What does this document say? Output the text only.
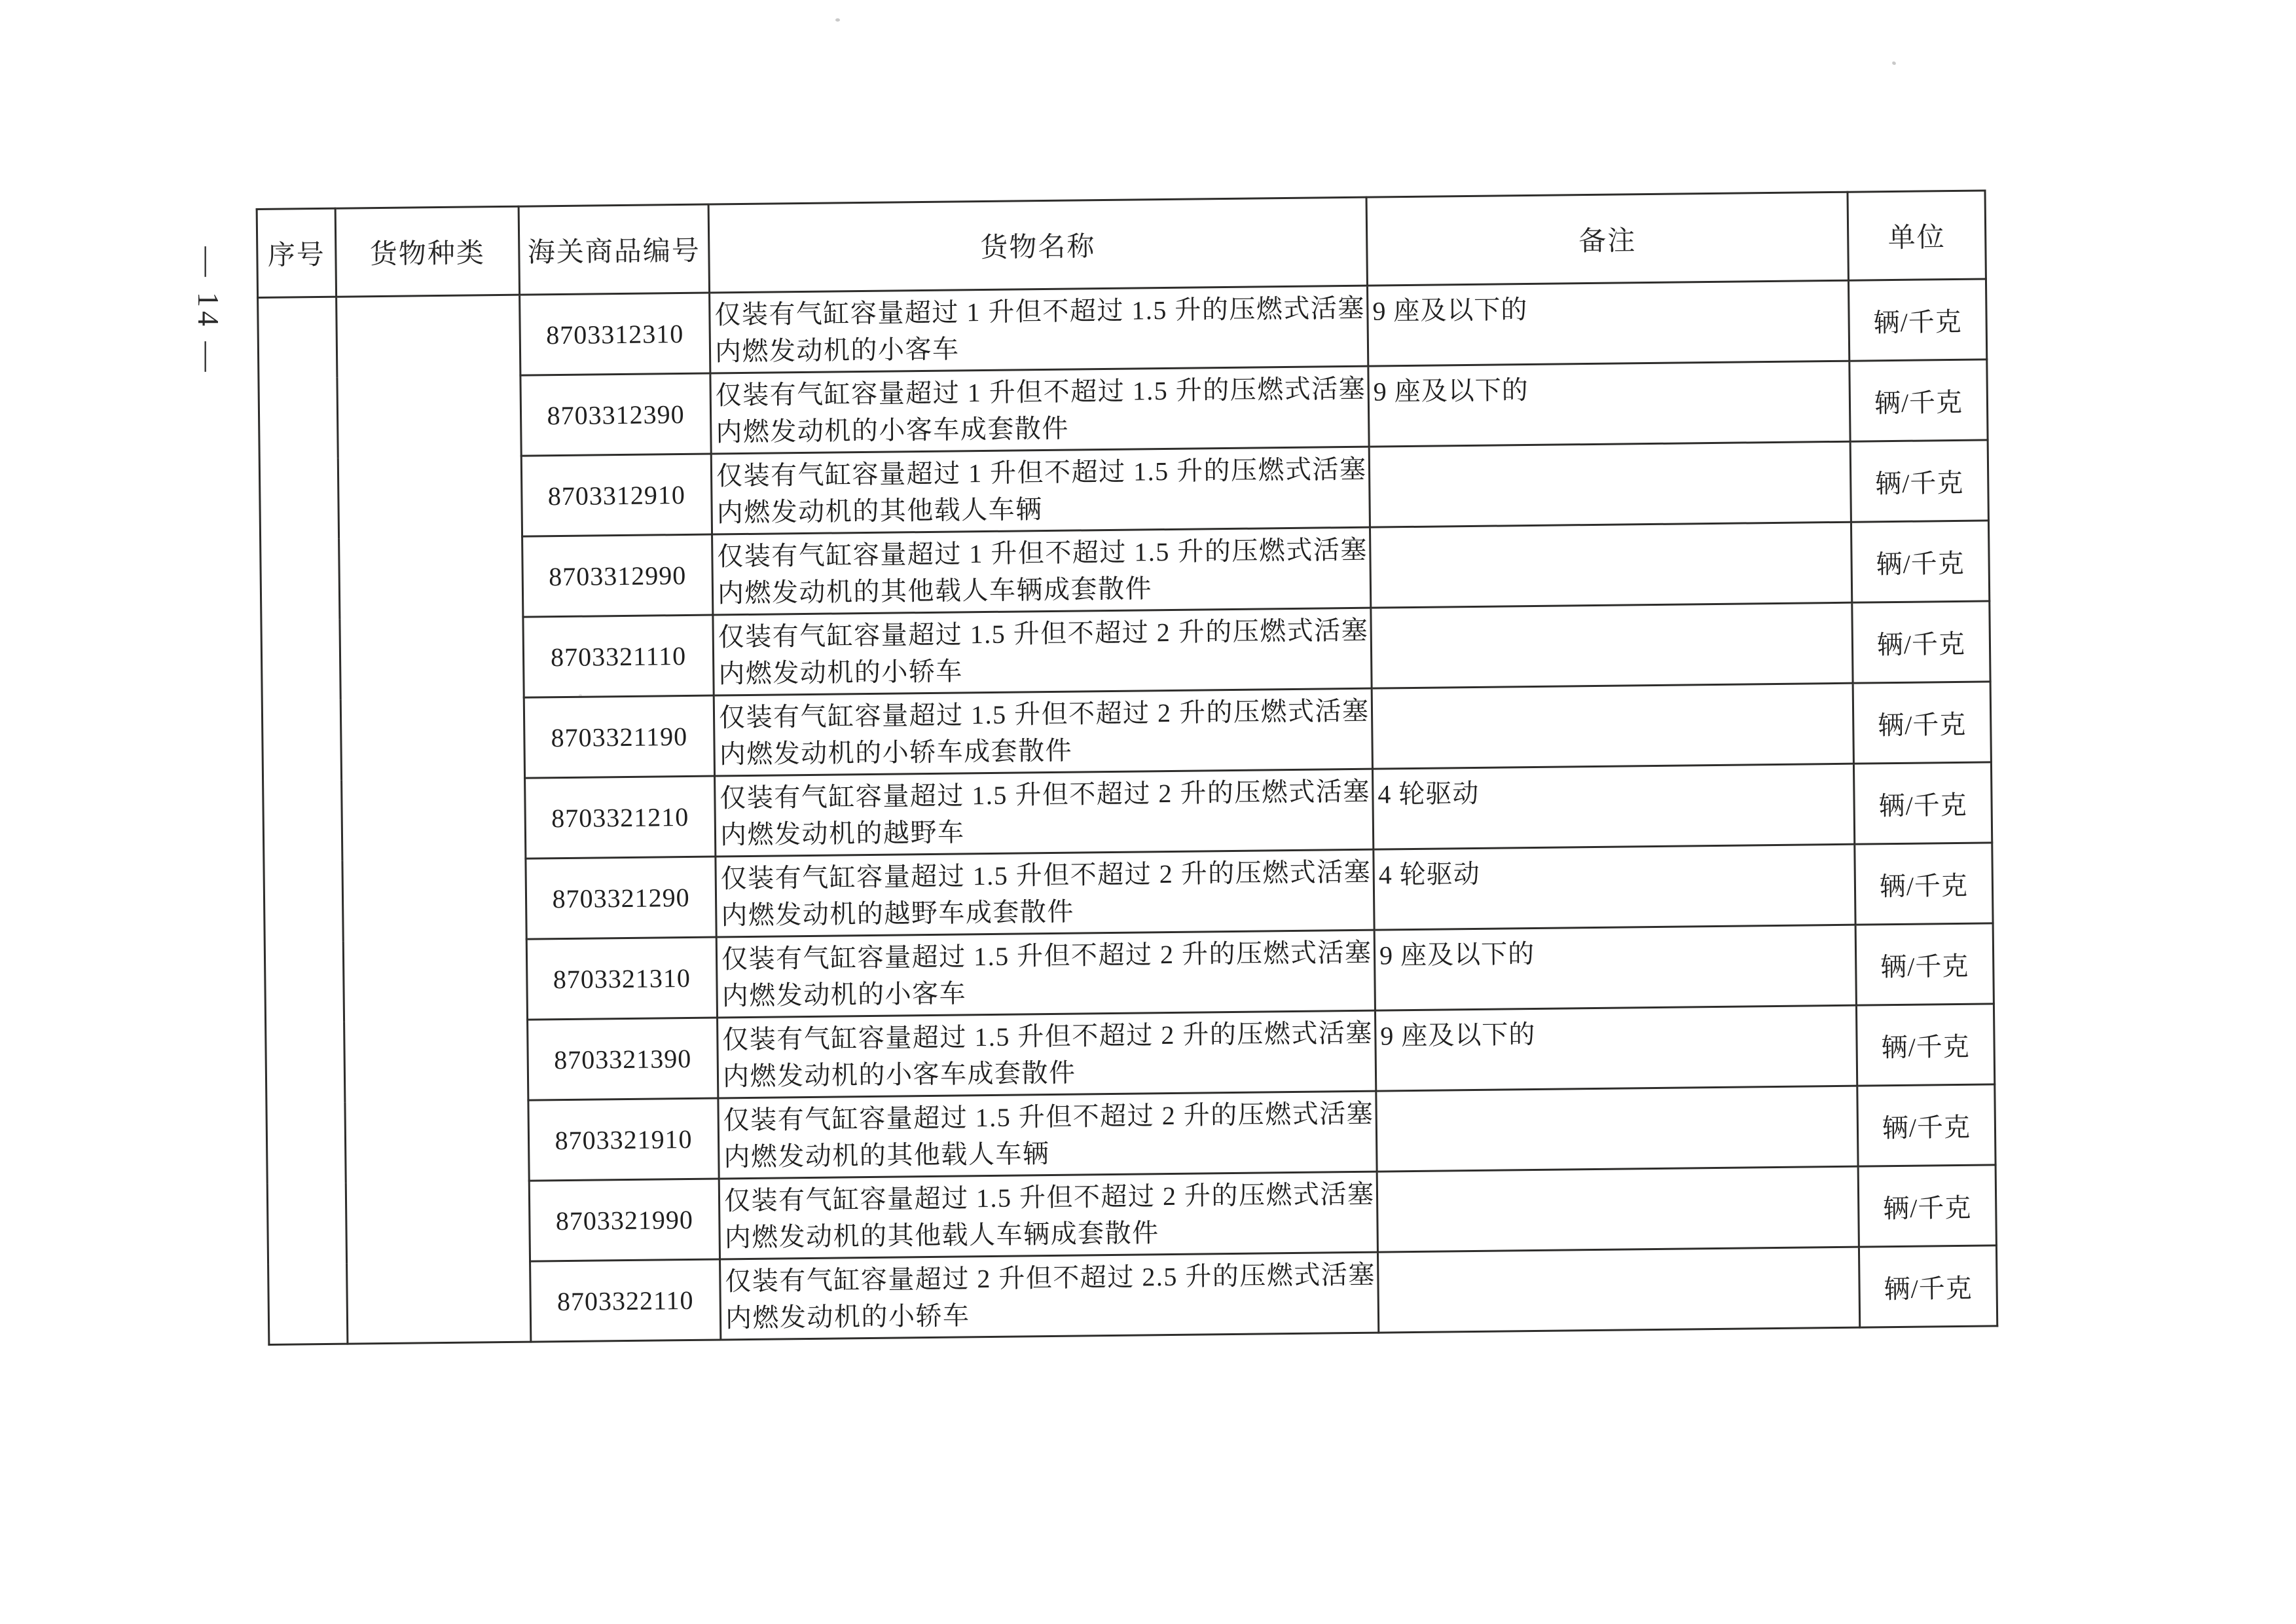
— 14 — 序号	货物种类	海关商品编号	货物名称	备注	单位
		8703312310	仅装有气缸容量超过 1 升但不超过 1.5 升的压燃式活塞
内燃发动机的小客车	9 座及以下的	辆/千克
		8703312390	仅装有气缸容量超过 1 升但不超过 1.5 升的压燃式活塞
内燃发动机的小客车成套散件	9 座及以下的	辆/千克
		8703312910	仅装有气缸容量超过 1 升但不超过 1.5 升的压燃式活塞
内燃发动机的其他载人车辆		辆/千克
		8703312990	仅装有气缸容量超过 1 升但不超过 1.5 升的压燃式活塞
内燃发动机的其他载人车辆成套散件		辆/千克
		8703321110	仅装有气缸容量超过 1.5 升但不超过 2 升的压燃式活塞
内燃发动机的小轿车		辆/千克
		8703321190	仅装有气缸容量超过 1.5 升但不超过 2 升的压燃式活塞
内燃发动机的小轿车成套散件		辆/千克
		8703321210	仅装有气缸容量超过 1.5 升但不超过 2 升的压燃式活塞
内燃发动机的越野车	4 轮驱动	辆/千克
		8703321290	仅装有气缸容量超过 1.5 升但不超过 2 升的压燃式活塞
内燃发动机的越野车成套散件	4 轮驱动	辆/千克
		8703321310	仅装有气缸容量超过 1.5 升但不超过 2 升的压燃式活塞
内燃发动机的小客车	9 座及以下的	辆/千克
		8703321390	仅装有气缸容量超过 1.5 升但不超过 2 升的压燃式活塞
内燃发动机的小客车成套散件	9 座及以下的	辆/千克
		8703321910	仅装有气缸容量超过 1.5 升但不超过 2 升的压燃式活塞
内燃发动机的其他载人车辆		辆/千克
		8703321990	仅装有气缸容量超过 1.5 升但不超过 2 升的压燃式活塞
内燃发动机的其他载人车辆成套散件		辆/千克
		8703322110	仅装有气缸容量超过 2 升但不超过 2.5 升的压燃式活塞
内燃发动机的小轿车		辆/千克
